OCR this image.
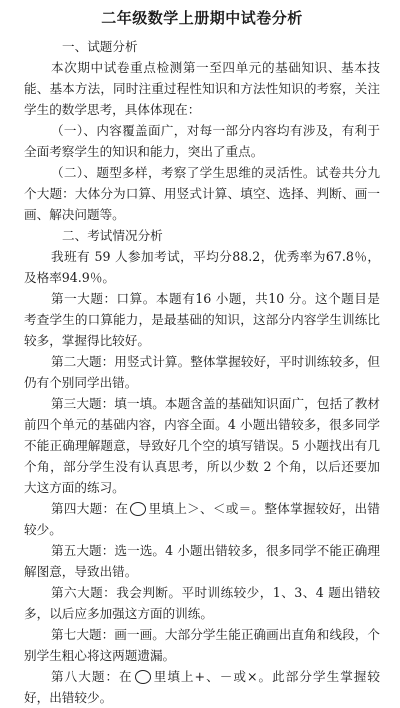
二年级数学上册期中试卷分析

一、试题分析

本次期中试卷重点检测第一至四单元的基础知识、基本技能、基本方法，同时注重过程性知识和方法性知识的考察，关注学生的数学思考，具体体现在：

（一）、内容覆盖面广，对每一部分内容均有涉及，有利于全面考察学生的知识和能力，突出了重点。

（二）、题型多样，考察了学生思维的灵活性。试卷共分九个大题：大体分为口算、用竖式计算、填空、选择、判断、画一画、解决问题等。

二、考试情况分析

我班有 59 人参加考试，平均分88.2，优秀率为67.8％，及格率94.9％。

第一大题：口算。本题有16 小题，共10 分。这个题目是考查学生的口算能力，是最基础的知识，这部分内容学生训练比较多，掌握得比较好。

第二大题：用竖式计算。整体掌握较好，平时训练较多，但仍有个别同学出错。

第三大题：填一填。本题含盖的基础知识面广，包括了教材前四个单元的基础内容，内容全面。4 小题出错较多，很多同学不能正确理解题意，导致好几个空的填写错误。5 小题找出有几个角，部分学生没有认真思考，所以少数 2 个角，以后还要加大这方面的练习。

第四大题：在 里填上＞、＜或＝。整体掌握较好，出错较少。

第五大题：选一选。4 小题出错较多，很多同学不能正确理解图意，导致出错。

第六大题：我会判断。平时训练较少，1、3、4 题出错较多，以后应多加强这方面的训练。

第七大题：画一画。大部分学生能正确画出直角和线段，个别学生粗心将这两题遗漏。

第八大题：在 里填上+、－或×。此部分学生掌握较好，出错较少。
